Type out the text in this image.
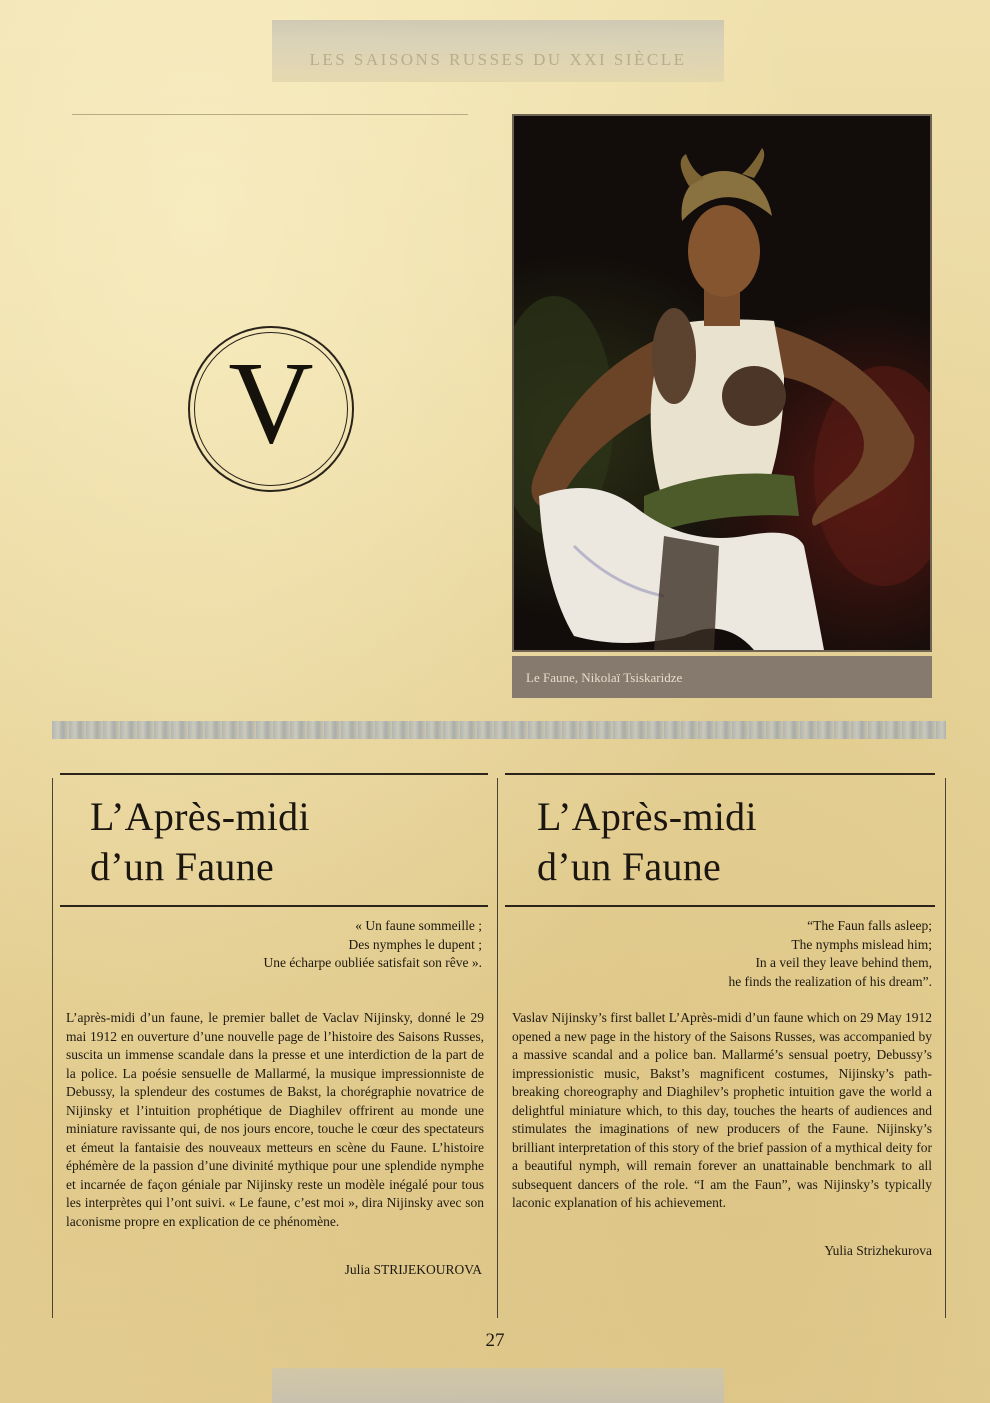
LES SAISONS RUSSES DU XXI SIÈCLE
V
Le Faune, Nikolaï Tsiskaridze
L’Après-midi
d’un Faune
« Un faune sommeille ;
Des nymphes le dupent ;
Une écharpe oubliée satisfait son rêve ».
L’après-midi d’un faune, le premier ballet de Vaclav Nijinsky, donné le 29 mai 1912 en ouverture d’une nouvelle page de l’histoire des Saisons Russes, suscita un immense scandale dans la presse et une interdiction de la part de la police. La poésie sensuelle de Mallarmé, la musique impressionniste de Debussy, la splendeur des costumes de Bakst, la chorégraphie novatrice de Nijinsky et l’intuition prophétique de Diaghilev offrirent au monde une miniature ravissante qui, de nos jours encore, touche le cœur des spectateurs et émeut la fantaisie des nouveaux metteurs en scène du Faune. L’histoire éphémère de la passion d’une divinité mythique pour une splendide nymphe et incarnée de façon géniale par Nijinsky reste un modèle inégalé pour tous les interprètes qui l’ont suivi. « Le faune, c’est moi », dira Nijinsky avec son laconisme propre en explication de ce phénomène.
Julia STRIJEKOUROVA
L’Après-midi
d’un Faune
“The Faun falls asleep;
The nymphs mislead him;
In a veil they leave behind them,
he finds the realization of his dream”.
Vaslav Nijinsky’s first ballet L’Après-midi d’un faune which on 29 May 1912 opened a new page in the history of the Saisons Russes, was accompanied by a massive scandal and a police ban. Mallarmé’s sensual poetry, Debussy’s impressionistic music, Bakst’s magnificent costumes, Nijinsky’s path-breaking choreography and Diaghilev’s prophetic intuition gave the world a delightful miniature which, to this day, touches the hearts of audiences and stimulates the imaginations of new producers of the Faune. Nijinsky’s brilliant interpretation of this story of the brief passion of a mythical deity for a beautiful nymph, will remain forever an unattainable benchmark to all subsequent dancers of the role. “I am the Faun”, was Nijinsky’s typically laconic explanation of his achievement.
Yulia Strizhekurova
27
